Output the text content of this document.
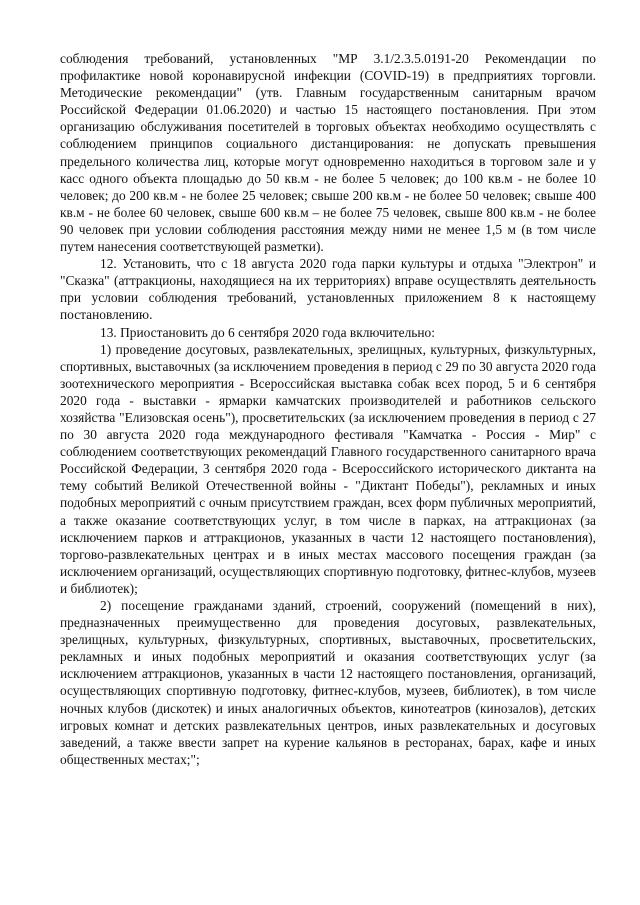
соблюдения требований, установленных "МР 3.1/2.3.5.0191-20 Рекомендации по профилактике новой коронавирусной инфекции (COVID-19) в предприятиях торговли. Методические рекомендации" (утв. Главным государственным санитарным врачом Российской Федерации 01.06.2020) и частью 15 настоящего постановления. При этом организацию обслуживания посетителей в торговых объектах необходимо осуществлять с соблюдением принципов социального дистанцирования: не допускать превышения предельного количества лиц, которые могут одновременно находиться в торговом зале и у касс одного объекта площадью до 50 кв.м - не более 5 человек; до 100 кв.м - не более 10 человек; до 200 кв.м - не более 25 человек; свыше 200 кв.м - не более 50 человек; свыше 400 кв.м - не более 60 человек, свыше 600 кв.м – не более 75 человек, свыше 800 кв.м - не более 90 человек при условии соблюдения расстояния между ними не менее 1,5 м (в том числе путем нанесения соответствующей разметки).

12. Установить, что с 18 августа 2020 года парки культуры и отдыха "Электрон" и "Сказка" (аттракционы, находящиеся на их территориях) вправе осуществлять деятельность при условии соблюдения требований, установленных приложением 8 к настоящему постановлению.

13. Приостановить до 6 сентября 2020 года включительно:

1) проведение досуговых, развлекательных, зрелищных, культурных, физкультурных, спортивных, выставочных (за исключением проведения в период с 29 по 30 августа 2020 года зоотехнического мероприятия - Всероссийская выставка собак всех пород, 5 и 6 сентября 2020 года - выставки - ярмарки камчатских производителей и работников сельского хозяйства "Елизовская осень"), просветительских (за исключением проведения в период с 27 по 30 августа 2020 года международного фестиваля "Камчатка - Россия - Мир" с соблюдением соответствующих рекомендаций Главного государственного санитарного врача Российской Федерации, 3 сентября 2020 года - Всероссийского исторического диктанта на тему событий Великой Отечественной войны - "Диктант Победы"), рекламных и иных подобных мероприятий с очным присутствием граждан, всех форм публичных мероприятий, а также оказание соответствующих услуг, в том числе в парках, на аттракционах (за исключением парков и аттракционов, указанных в части 12 настоящего постановления), торгово-развлекательных центрах и в иных местах массового посещения граждан (за исключением организаций, осуществляющих спортивную подготовку, фитнес-клубов, музеев и библиотек);

2) посещение гражданами зданий, строений, сооружений (помещений в них), предназначенных преимущественно для проведения досуговых, развлекательных, зрелищных, культурных, физкультурных, спортивных, выставочных, просветительских, рекламных и иных подобных мероприятий и оказания соответствующих услуг (за исключением аттракционов, указанных в части 12 настоящего постановления, организаций, осуществляющих спортивную подготовку, фитнес-клубов, музеев, библиотек), в том числе ночных клубов (дискотек) и иных аналогичных объектов, кинотеатров (кинозалов), детских игровых комнат и детских развлекательных центров, иных развлекательных и досуговых заведений, а также ввести запрет на курение кальянов в ресторанах, барах, кафе и иных общественных местах;";
